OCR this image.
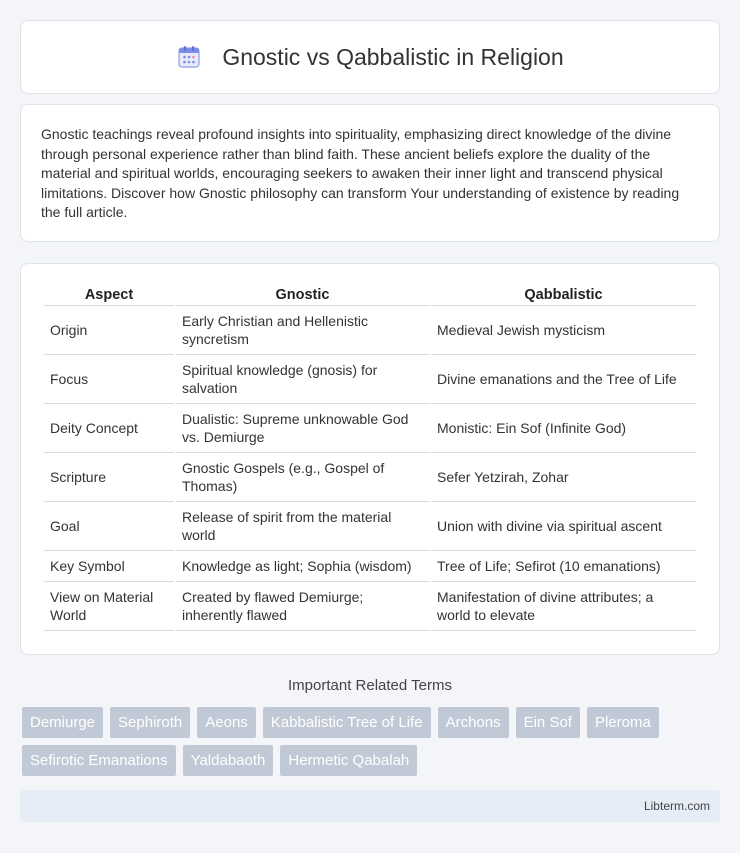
Gnostic vs Qabbalistic in Religion

Gnostic teachings reveal profound insights into spirituality, emphasizing direct knowledge of the divine through personal experience rather than blind faith. These ancient beliefs explore the duality of the material and spiritual worlds, encouraging seekers to awaken their inner light and transcend physical limitations. Discover how Gnostic philosophy can transform Your understanding of existence by reading the full article.

Aspect	Gnostic	Qabbalistic
Origin	Early Christian and Hellenistic syncretism	Medieval Jewish mysticism
Focus	Spiritual knowledge (gnosis) for salvation	Divine emanations and the Tree of Life
Deity Concept	Dualistic: Supreme unknowable God vs. Demiurge	Monistic: Ein Sof (Infinite God)
Scripture	Gnostic Gospels (e.g., Gospel of Thomas)	Sefer Yetzirah, Zohar
Goal	Release of spirit from the material world	Union with divine via spiritual ascent
Key Symbol	Knowledge as light; Sophia (wisdom)	Tree of Life; Sefirot (10 emanations)
View on Material World	Created by flawed Demiurge; inherently flawed	Manifestation of divine attributes; a world to elevate
Important Related Terms
Demiurge	Sephiroth	Aeons	Kabbalistic Tree of Life	Archons	Ein Sof	Pleroma
Sefirotic Emanations	Yaldabaoth	Hermetic Qabalah
Libterm.com
